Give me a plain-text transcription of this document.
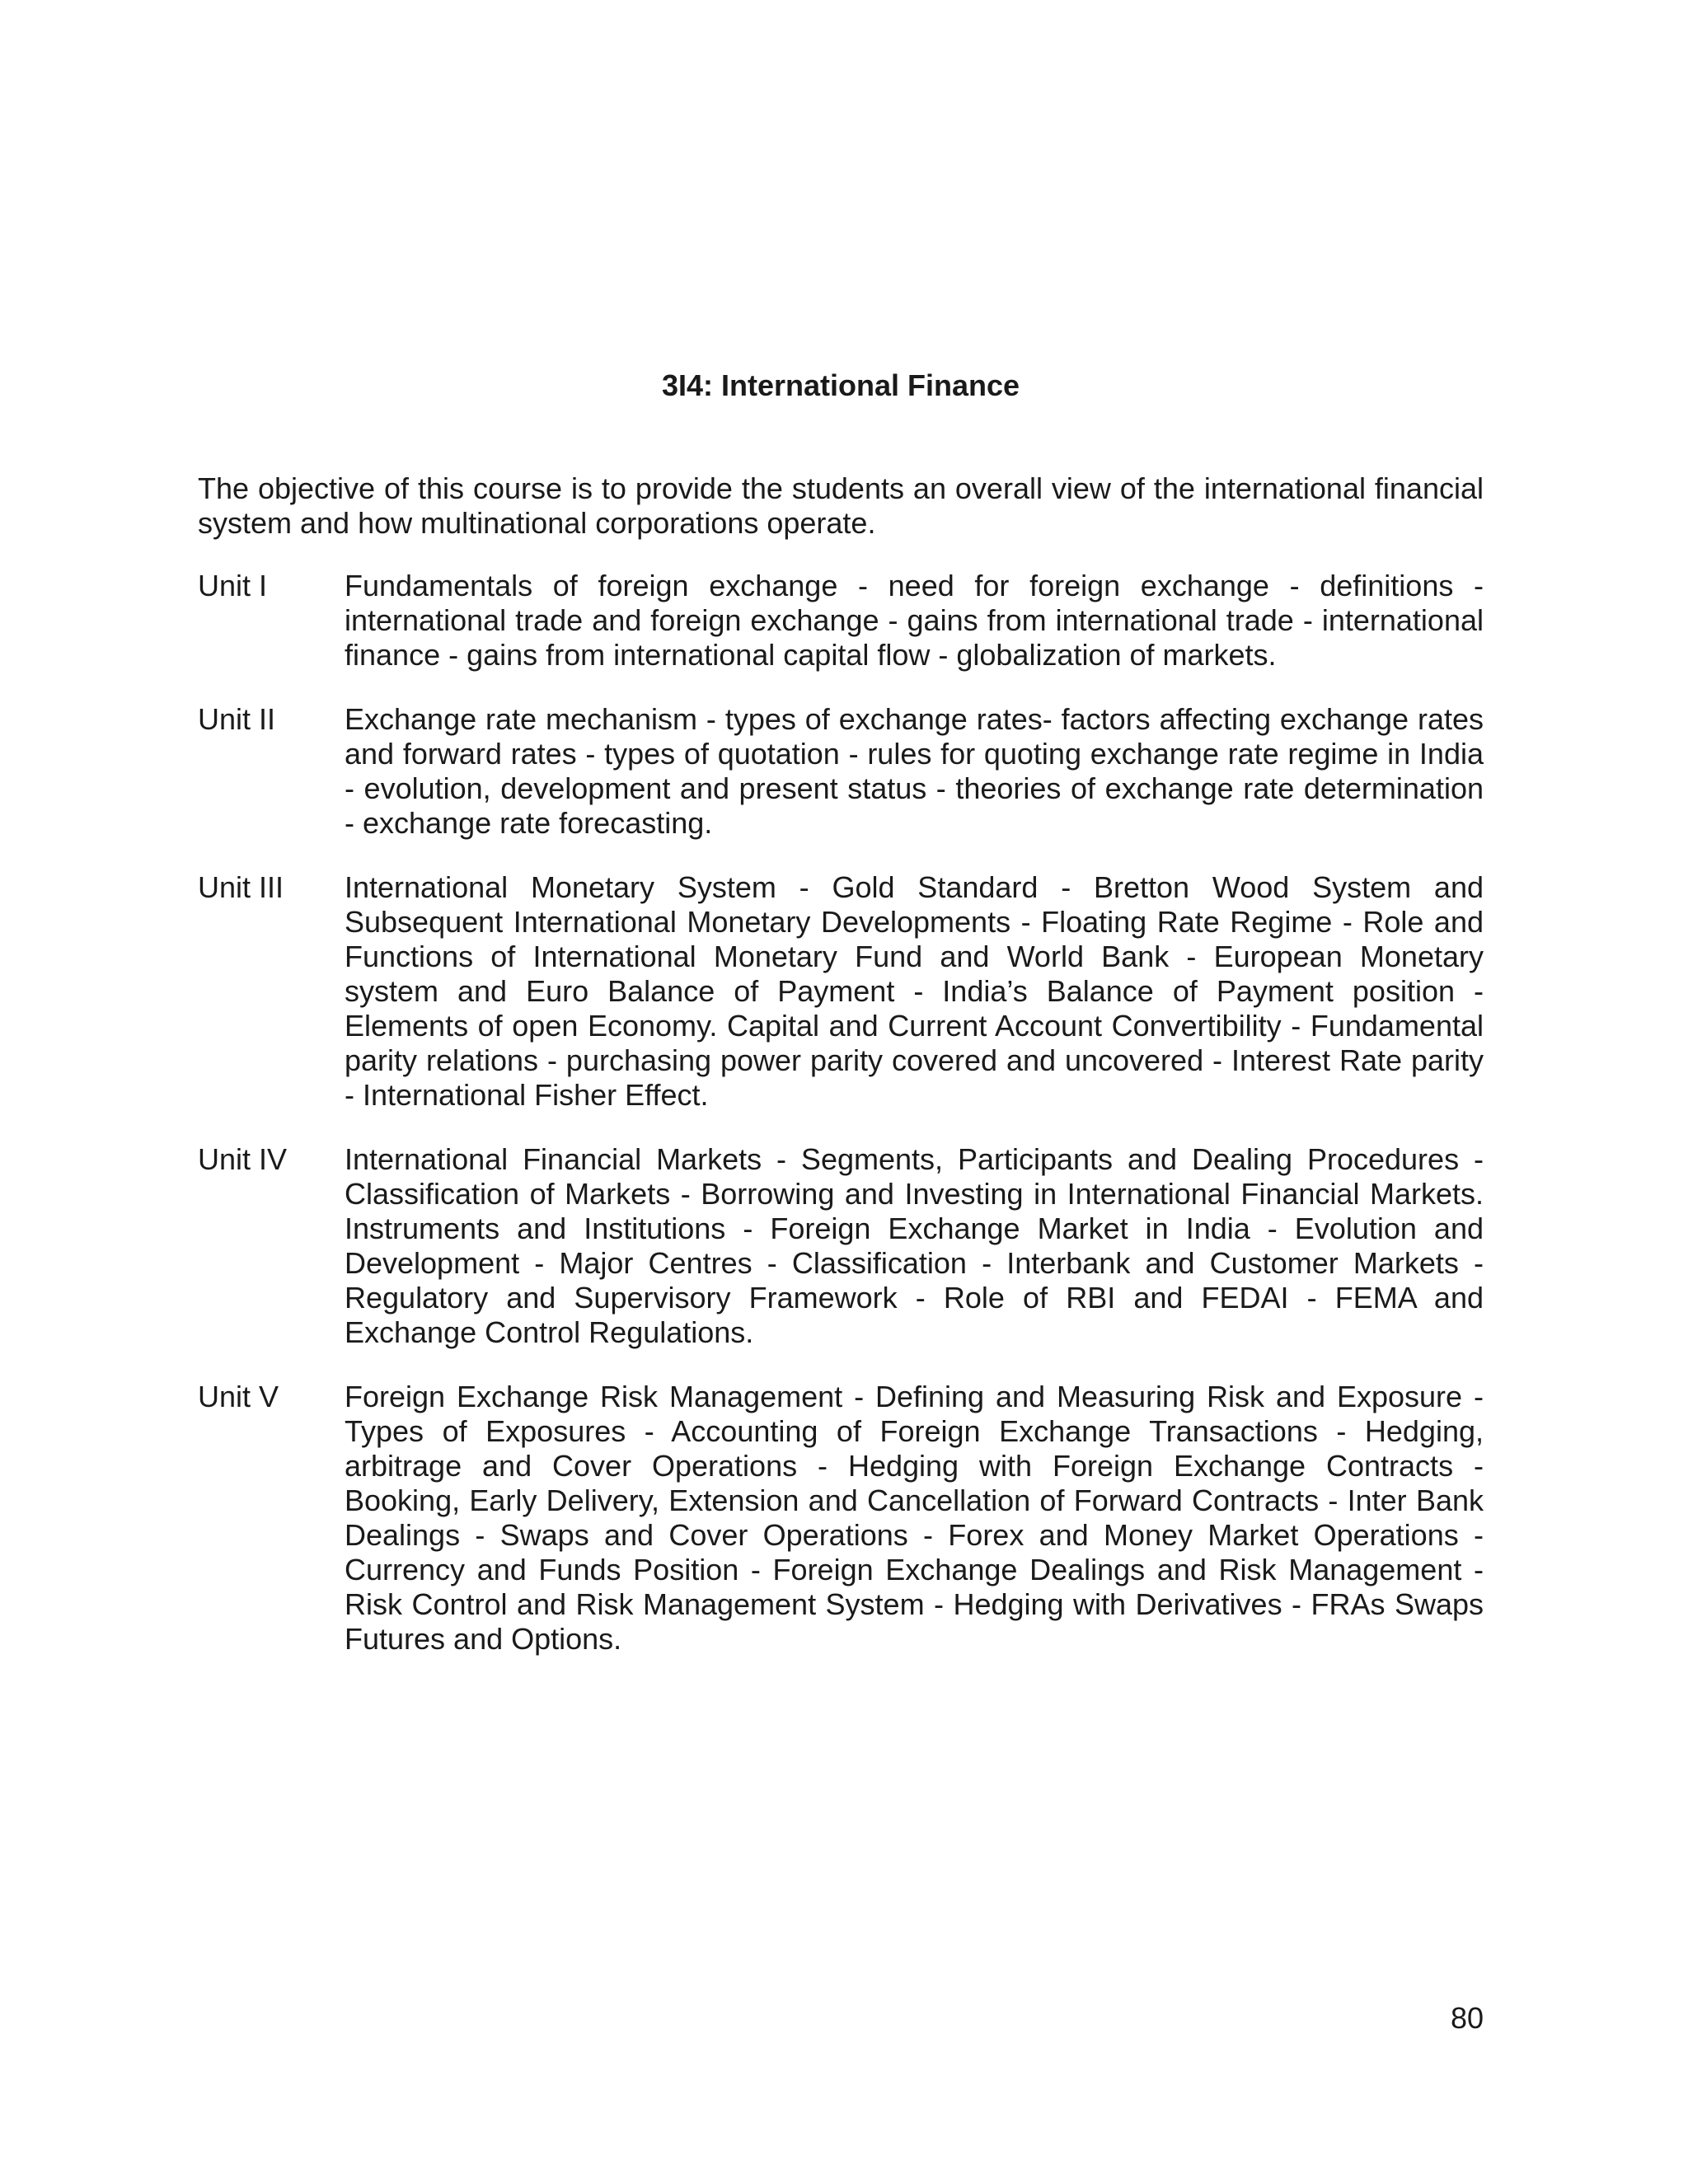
3I4: International Finance
The objective of this course is to provide the students an overall view of the international financial system and how multinational corporations operate.
Unit I	Fundamentals of foreign exchange - need for foreign exchange - definitions - international trade and foreign exchange - gains from international trade - international finance - gains from international capital flow - globalization of markets.
Unit II	Exchange rate mechanism - types of exchange rates- factors affecting exchange rates and forward rates - types of quotation - rules for quoting exchange rate regime in India - evolution, development and present status - theories of exchange rate determination - exchange rate forecasting.
Unit III	International Monetary System - Gold Standard - Bretton Wood System and Subsequent International Monetary Developments - Floating Rate Regime - Role and Functions of International Monetary Fund and World Bank - European Monetary system and Euro Balance of Payment - India’s Balance of Payment position - Elements of open Economy. Capital and Current Account Convertibility - Fundamental parity relations - purchasing power parity covered and uncovered - Interest Rate parity - International Fisher Effect.
Unit IV	International Financial Markets - Segments, Participants and Dealing Procedures - Classification of Markets - Borrowing and Investing in International Financial Markets. Instruments and Institutions - Foreign Exchange Market in India - Evolution and Development - Major Centres - Classification - Interbank and Customer Markets - Regulatory and Supervisory Framework - Role of RBI and FEDAI - FEMA and Exchange Control Regulations.
Unit V	Foreign Exchange Risk Management - Defining and Measuring Risk and Exposure - Types of Exposures - Accounting of Foreign Exchange Transactions - Hedging, arbitrage and Cover Operations - Hedging with Foreign Exchange Contracts - Booking, Early Delivery, Extension and Cancellation of Forward Contracts - Inter Bank Dealings - Swaps and Cover Operations - Forex and Money Market Operations - Currency and Funds Position - Foreign Exchange Dealings and Risk Management - Risk Control and Risk Management System - Hedging with Derivatives - FRAs Swaps Futures and Options.
80
